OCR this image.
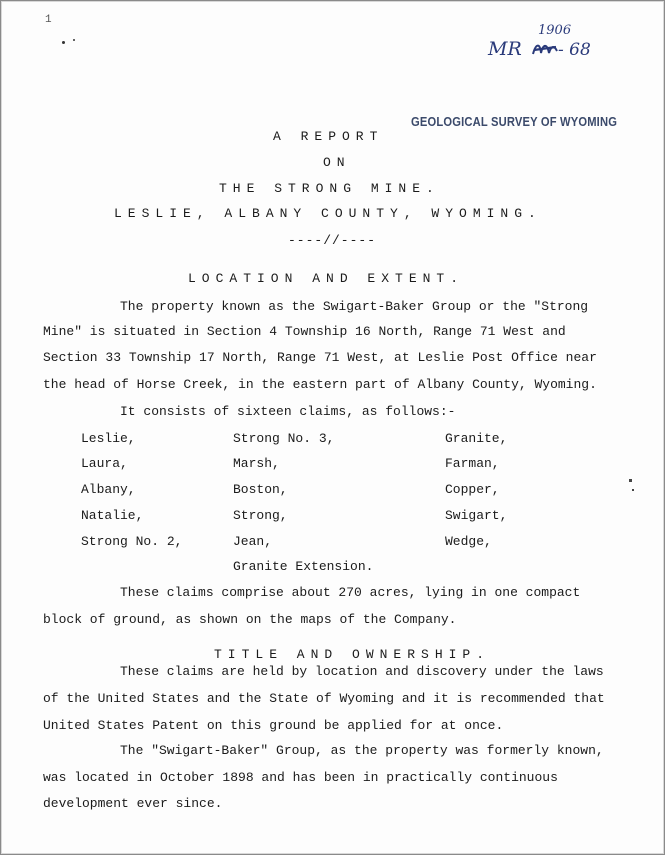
1
1906
MR - 68
GEOLOGICAL SURVEY OF WYOMING
A REPORT
ON
THE STRONG MINE.
LESLIE, ALBANY COUNTY, WYOMING.
----//----
LOCATION AND EXTENT.
The property known as the Swigart-Baker Group or the "Strong
Mine" is situated in Section 4 Township 16 North, Range 71 West and
Section 33 Township 17 North, Range 71 West, at Leslie Post Office near
the head of Horse Creek, in the eastern part of Albany County, Wyoming.
It consists of sixteen claims, as follows:-
Leslie,	Strong No. 3,	Granite,
Laura,	Marsh,	Farman,
Albany,	Boston,	Copper,
Natalie,	Strong,	Swigart,
Strong No. 2,	Jean,	Wedge,
Granite Extension.
These claims comprise about 270 acres, lying in one compact
block of ground, as shown on the maps of the Company.
TITLE AND OWNERSHIP.
These claims are held by location and discovery under the laws
of the United States and the State of Wyoming and it is recommended that
United States Patent on this ground be applied for at once.
The "Swigart-Baker" Group, as the property was formerly known,
was located in October 1898 and has been in practically continuous
development ever since.
